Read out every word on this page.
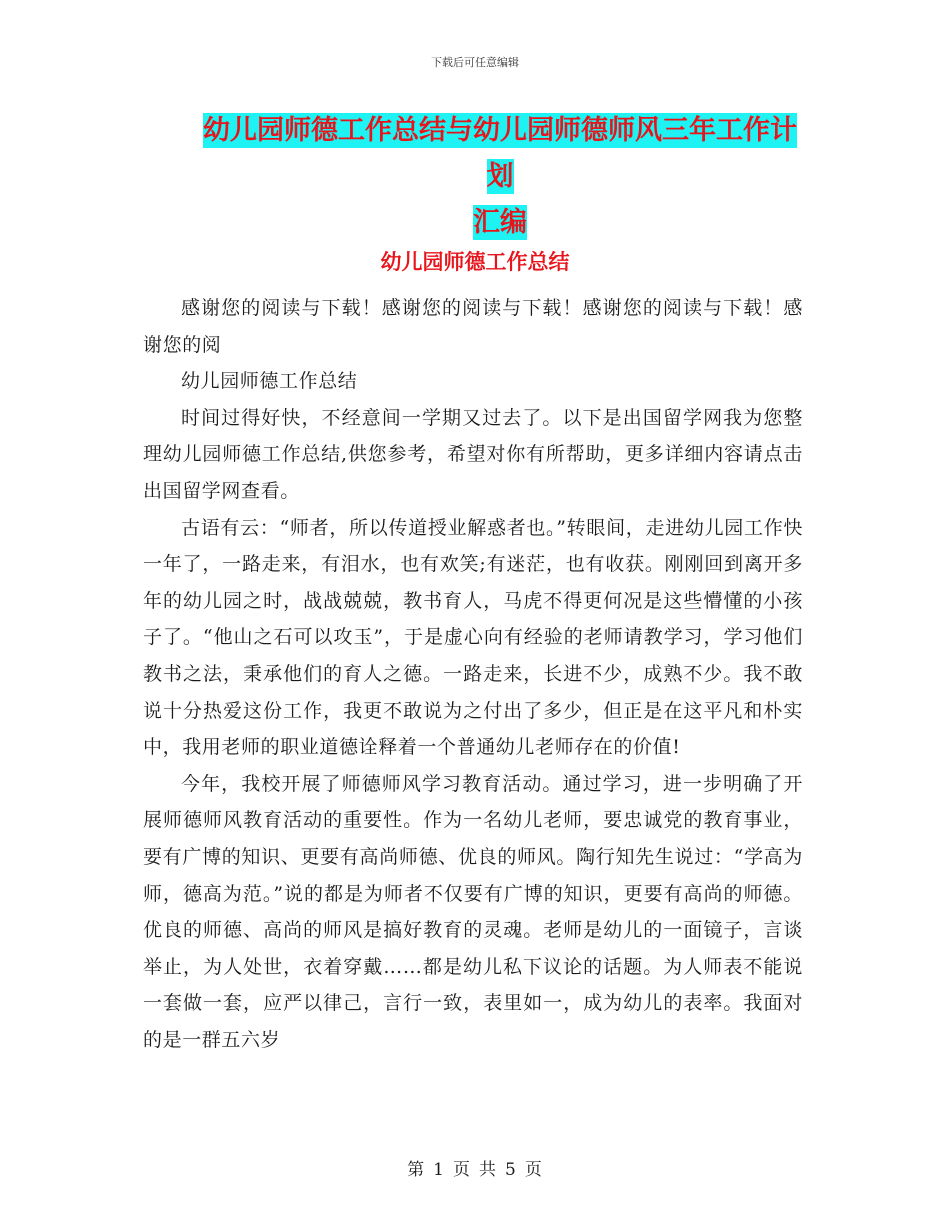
下载后可任意编辑
幼儿园师德工作总结与幼儿园师德师风三年工作计划
汇编
幼儿园师德工作总结

感谢您的阅读与下载！感谢您的阅读与下载！感谢您的阅读与下载！感谢您的阅

幼儿园师德工作总结

时间过得好快，不经意间一学期又过去了。以下是出国留学网我为您整理幼儿园师德工作总结,供您参考，希望对你有所帮助，更多详细内容请点击出国留学网查看。

古语有云：“师者，所以传道授业解惑者也。”转眼间，走进幼儿园工作快一年了，一路走来，有泪水，也有欢笑;有迷茫，也有收获。刚刚回到离开多年的幼儿园之时，战战兢兢，教书育人，马虎不得更何况是这些懵懂的小孩子了。“他山之石可以攻玉”，于是虚心向有经验的老师请教学习，学习他们教书之法，秉承他们的育人之德。一路走来，长进不少，成熟不少。我不敢说十分热爱这份工作，我更不敢说为之付出了多少，但正是在这平凡和朴实中，我用老师的职业道德诠释着一个普通幼儿老师存在的价值!

今年，我校开展了师德师风学习教育活动。通过学习，进一步明确了开展师德师风教育活动的重要性。作为一名幼儿老师，要忠诚党的教育事业，要有广博的知识、更要有高尚师德、优良的师风。陶行知先生说过：“学高为师，德高为范。”说的都是为师者不仅要有广博的知识，更要有高尚的师德。优良的师德、高尚的师风是搞好教育的灵魂。老师是幼儿的一面镜子，言谈举止，为人处世，衣着穿戴……都是幼儿私下议论的话题。为人师表不能说一套做一套，应严以律己，言行一致，表里如一，成为幼儿的表率。我面对的是一群五六岁

第 1 页 共 5 页
